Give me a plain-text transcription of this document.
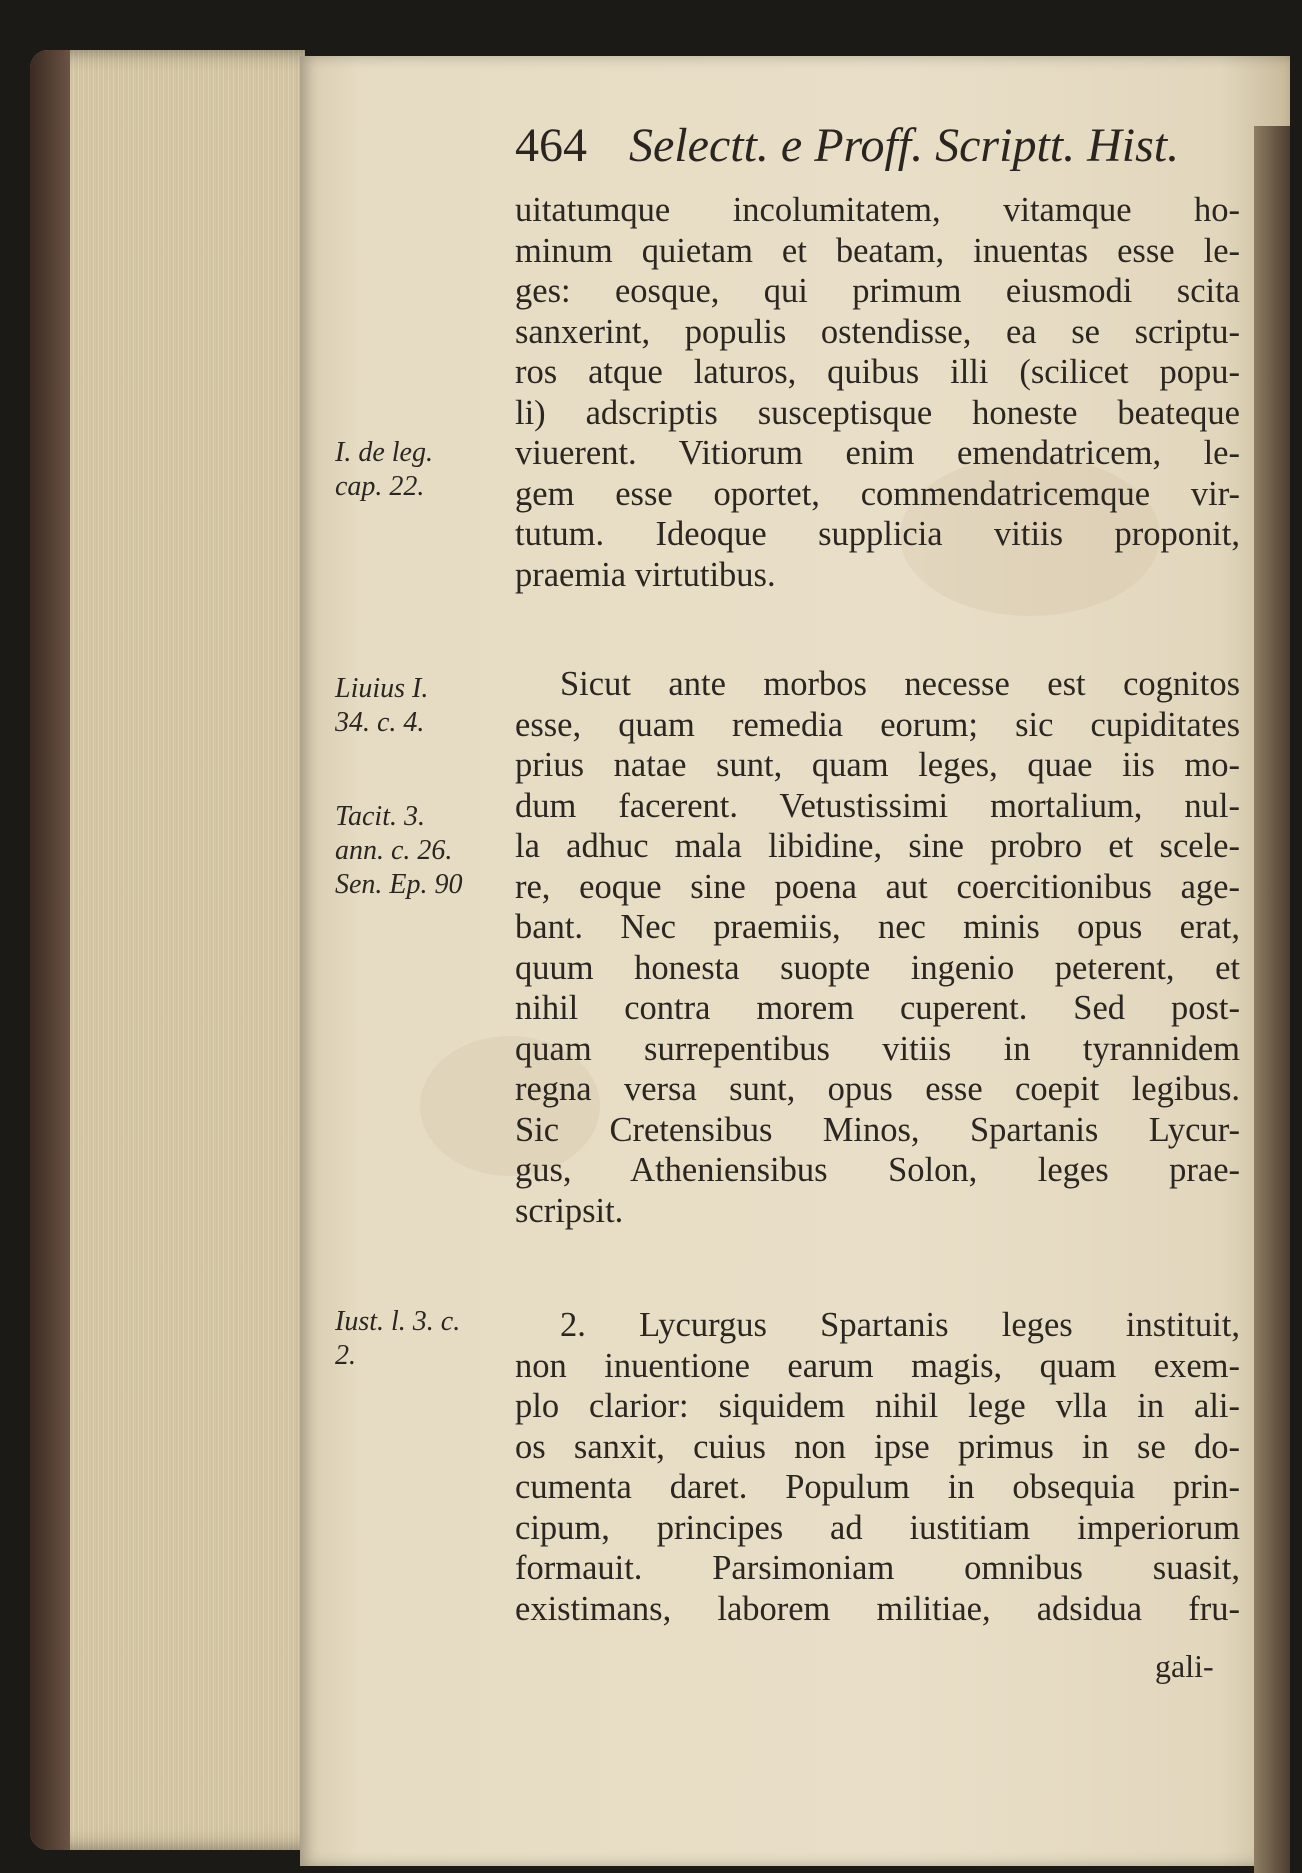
464 Selectt. e Proff. Scriptt. Hist.
uitatumque incolumitatem, vitamque ho-
minum quietam et beatam, inuentas esse le-
ges: eosque, qui primum eiusmodi scita
sanxerint, populis ostendisse, ea se scriptu-
ros atque laturos, quibus illi (scilicet popu-
li) adscriptis susceptisque honeste beateque
viuerent. Vitiorum enim emendatricem, le-
gem esse oportet, commendatricemque vir-
tutum. Ideoque supplicia vitiis proponit,
praemia virtutibus.
Sicut ante morbos necesse est cognitos
esse, quam remedia eorum; sic cupiditates
prius natae sunt, quam leges, quae iis mo-
dum facerent. Vetustissimi mortalium, nul-
la adhuc mala libidine, sine probro et scele-
re, eoque sine poena aut coercitionibus age-
bant. Nec praemiis, nec minis opus erat,
quum honesta suopte ingenio peterent, et
nihil contra morem cuperent. Sed post-
quam surrepentibus vitiis in tyrannidem
regna versa sunt, opus esse coepit legibus.
Sic Cretensibus Minos, Spartanis Lycur-
gus, Atheniensibus Solon, leges prae-
scripsit.
2. Lycurgus Spartanis leges instituit,
non inuentione earum magis, quam exem-
plo clarior: siquidem nihil lege vlla in ali-
os sanxit, cuius non ipse primus in se do-
cumenta daret. Populum in obsequia prin-
cipum, principes ad iustitiam imperiorum
formauit. Parsimoniam omnibus suasit,
existimans, laborem militiae, adsidua fru-
gali-
I. de leg.
cap. 22.
Liuius I.
34. c. 4.
Tacit. 3.
ann. c. 26.
Sen. Ep. 90
Iust. l. 3. c.
2.
